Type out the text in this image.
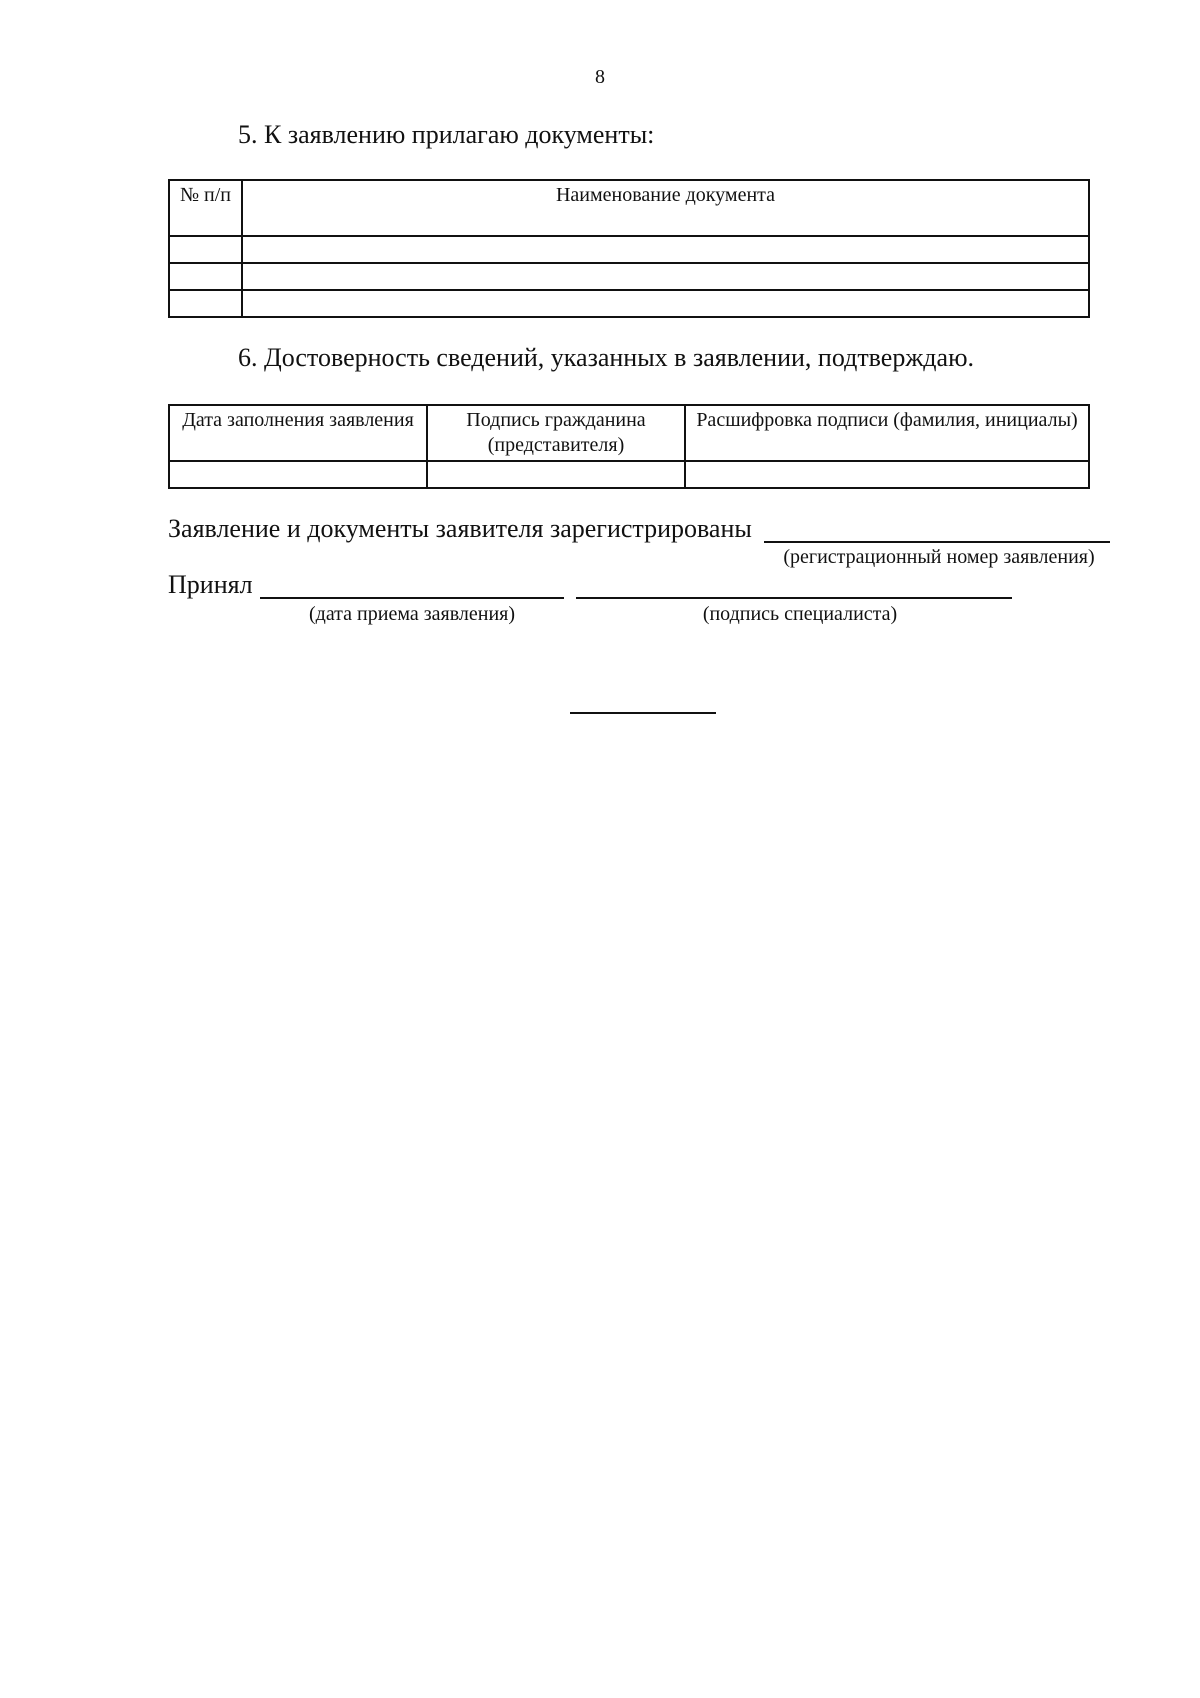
8
5. К заявлению прилагаю документы:
№ п/п	Наименование документа

6. Достоверность сведений, указанных в заявлении, подтверждаю.
Дата заполнения заявления	Подпись гражданина (представителя)	Расшифровка подписи (фамилия, инициалы)

Заявление и документы заявителя зарегистрированы
(регистрационный номер заявления)
Принял
(дата приема заявления)	(подпись специалиста)
